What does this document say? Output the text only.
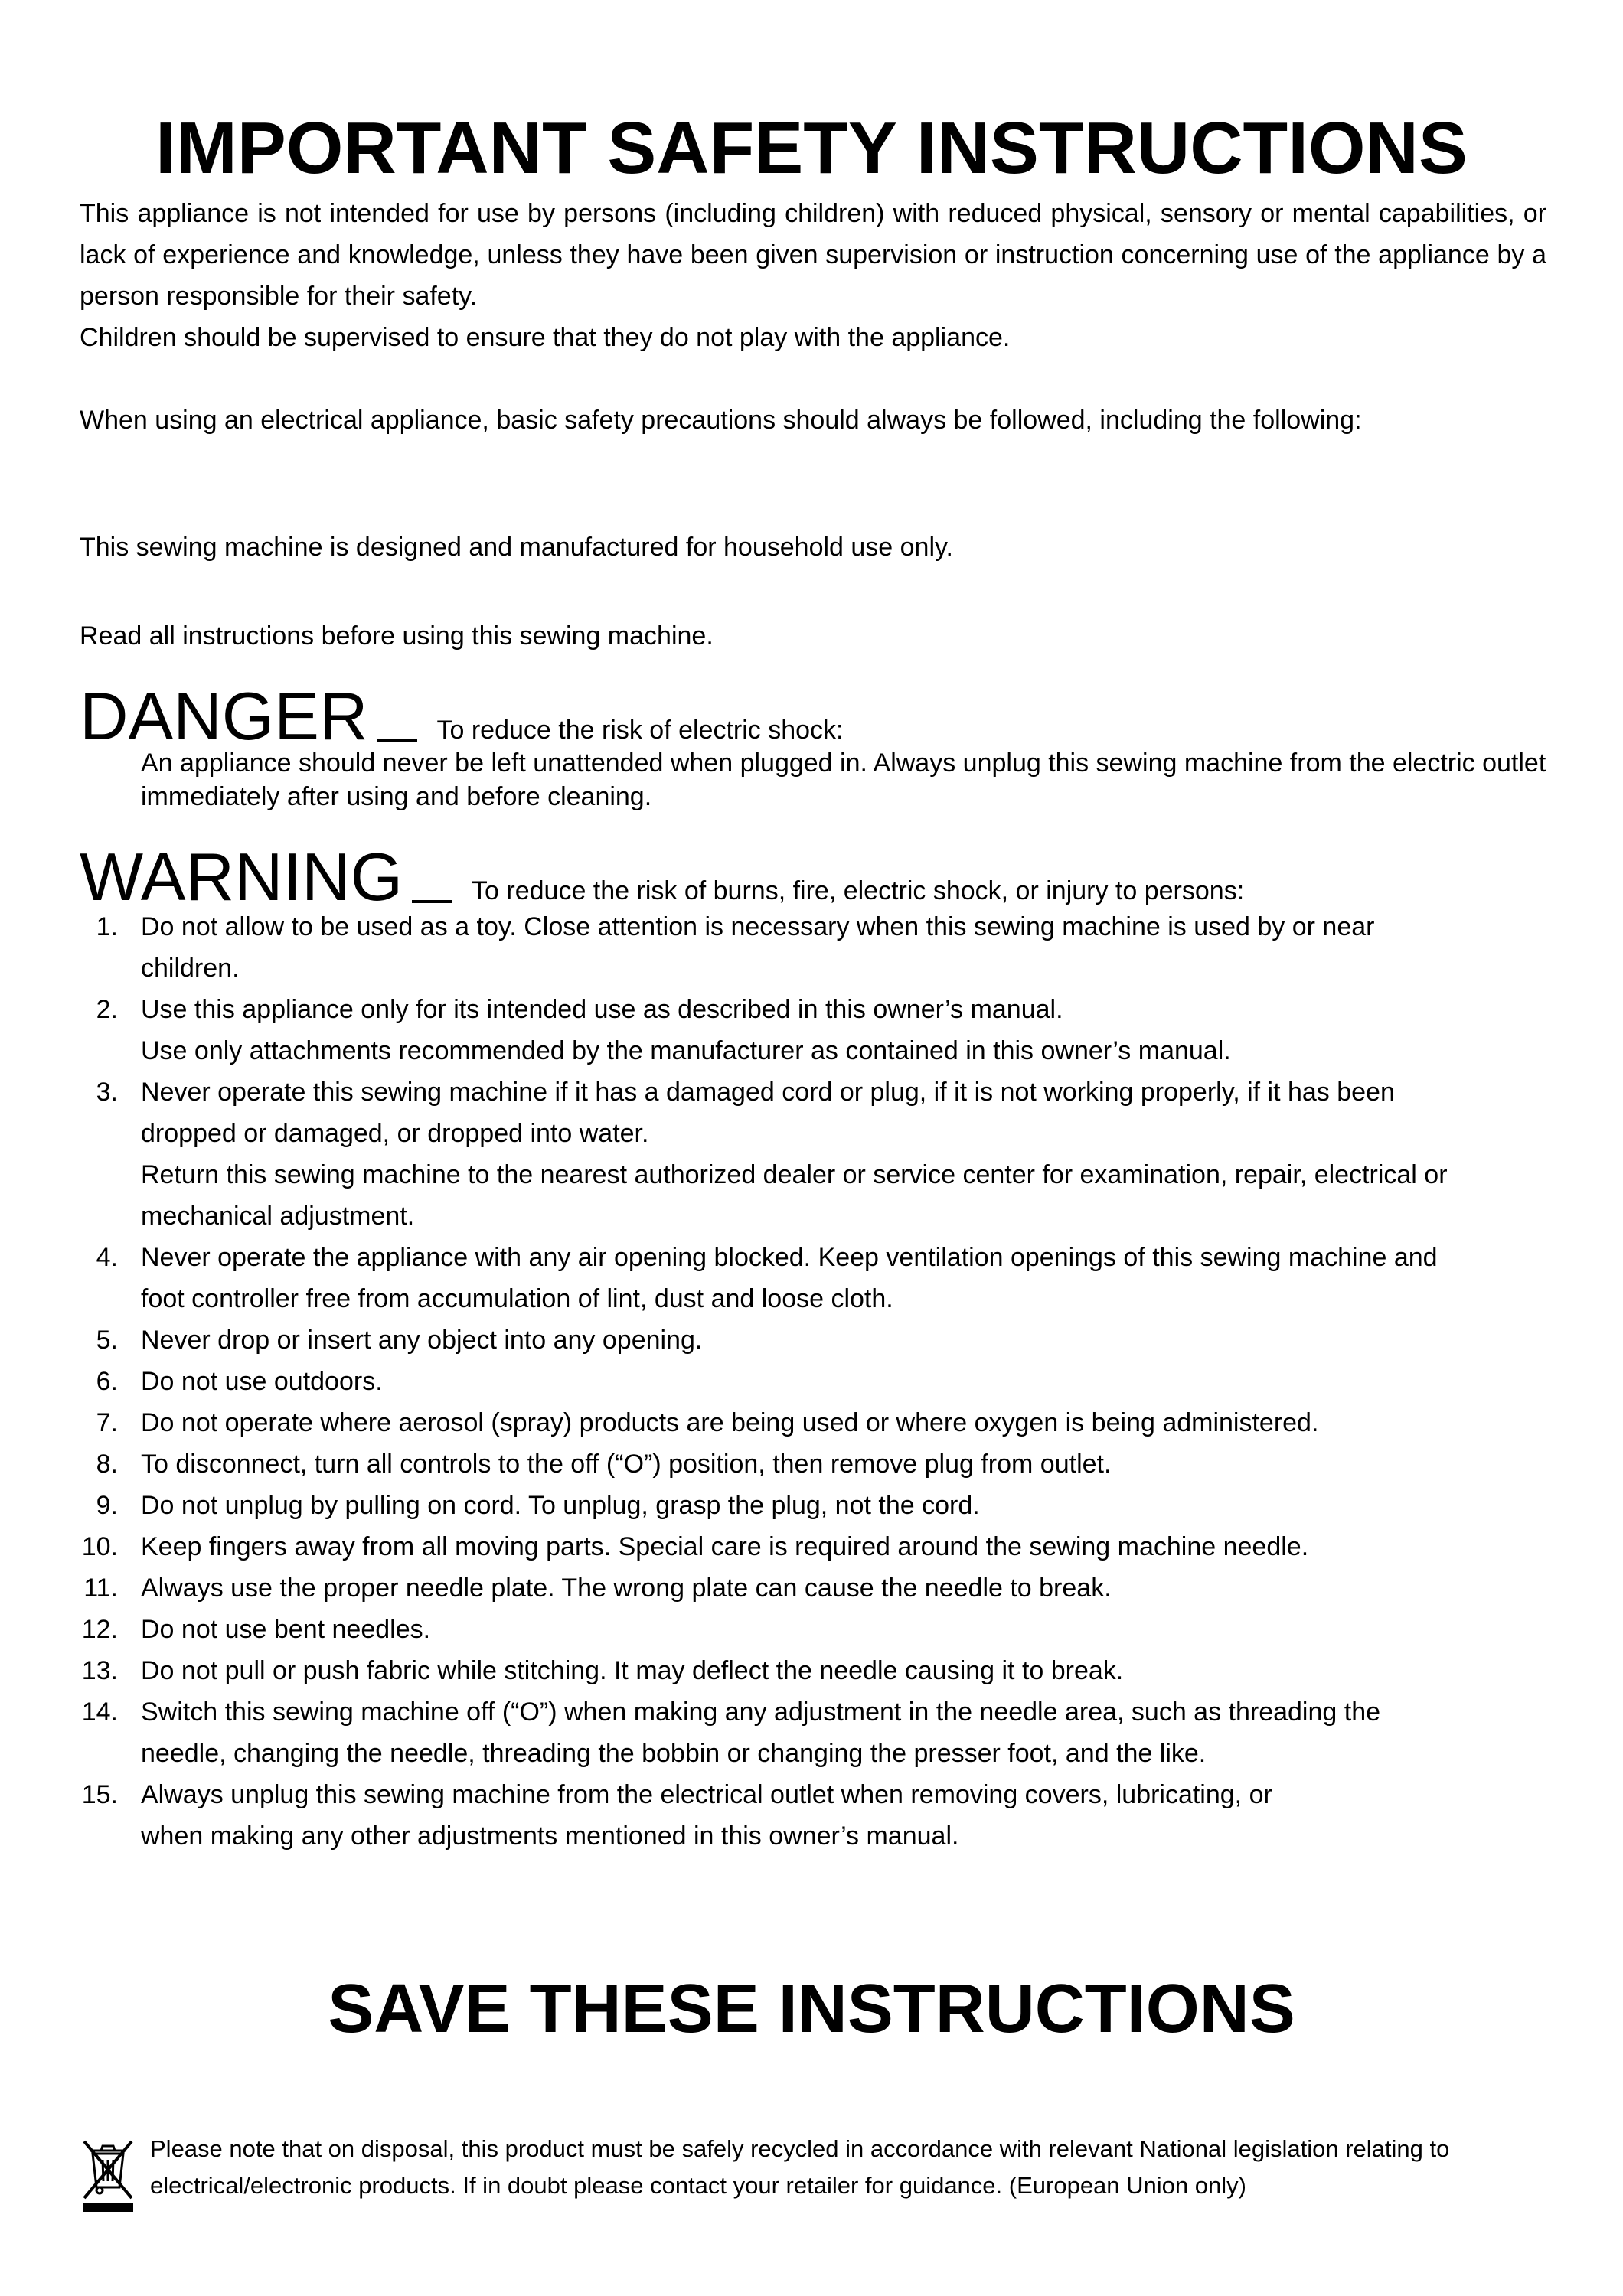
IMPORTANT SAFETY INSTRUCTIONS

This appliance is not intended for use by persons (including children) with reduced physical, sensory or mental capabilities, or lack of experience and knowledge, unless they have been given supervision or instruction concerning use of the appliance by a person responsible for their safety.

Children should be supervised to ensure that they do not play with the appliance.

When using an electrical appliance, basic safety precautions should always be followed, including the following:

This sewing machine is designed and manufactured for household use only.

Read all instructions before using this sewing machine.

DANGER	To reduce the risk of electric shock:

An appliance should never be left unattended when plugged in. Always unplug this sewing machine from the electric outlet immediately after using and before cleaning.

WARNING	To reduce the risk of burns, fire, electric shock, or injury to persons:
1. Do not allow to be used as a toy. Close attention is necessary when this sewing machine is used by or near
children.
2. Use this appliance only for its intended use as described in this owner’s manual.
Use only attachments recommended by the manufacturer as contained in this owner’s manual.
3. Never operate this sewing machine if it has a damaged cord or plug, if it is not working properly, if it has been
dropped or damaged, or dropped into water.
Return this sewing machine to the nearest authorized dealer or service center for examination, repair, electrical or
mechanical adjustment.
4. Never operate the appliance with any air opening blocked. Keep ventilation openings of this sewing machine and
foot controller free from accumulation of lint, dust and loose cloth.
5. Never drop or insert any object into any opening.
6. Do not use outdoors.
7. Do not operate where aerosol (spray) products are being used or where oxygen is being administered.
8. To disconnect, turn all controls to the off (“O”) position, then remove plug from outlet.
9. Do not unplug by pulling on cord. To unplug, grasp the plug, not the cord.
10. Keep fingers away from all moving parts. Special care is required around the sewing machine needle.
11. Always use the proper needle plate. The wrong plate can cause the needle to break.
12. Do not use bent needles.
13. Do not pull or push fabric while stitching. It may deflect the needle causing it to break.
14. Switch this sewing machine off (“O”) when making any adjustment in the needle area, such as threading the
needle, changing the needle, threading the bobbin or changing the presser foot, and the like.
15. Always unplug this sewing machine from the electrical outlet when removing covers, lubricating, or
when making any other adjustments mentioned in this owner’s manual.
SAVE THESE INSTRUCTIONS

Please note that on disposal, this product must be safely recycled in accordance with relevant National legislation relating to electrical/electronic products. If in doubt please contact your retailer for guidance. (European Union only)
